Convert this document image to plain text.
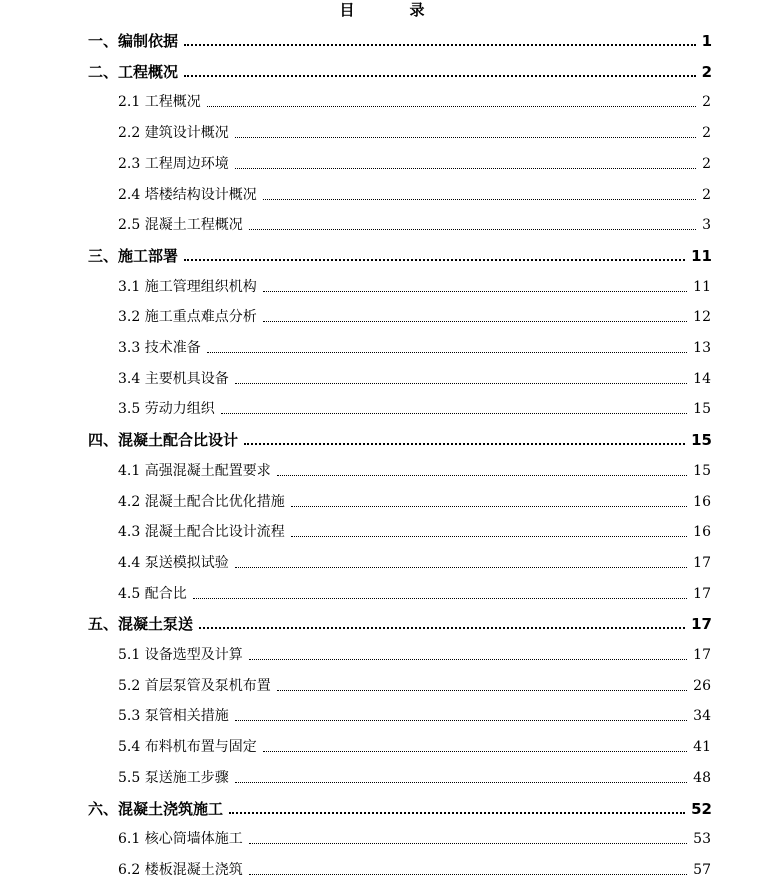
目　录
一、编制依据	1
二、工程概况	2
2.1 工程概况	2
2.2 建筑设计概况	2
2.3 工程周边环境	2
2.4 塔楼结构设计概况	2
2.5 混凝土工程概况	3
三、施工部署	11
3.1 施工管理组织机构	11
3.2 施工重点难点分析	12
3.3 技术准备	13
3.4 主要机具设备	14
3.5 劳动力组织	15
四、混凝土配合比设计	15
4.1 高强混凝土配置要求	15
4.2 混凝土配合比优化措施	16
4.3 混凝土配合比设计流程	16
4.4 泵送模拟试验	17
4.5 配合比	17
五、混凝土泵送	17
5.1 设备选型及计算	17
5.2 首层泵管及泵机布置	26
5.3 泵管相关措施	34
5.4 布料机布置与固定	41
5.5 泵送施工步骤	48
六、混凝土浇筑施工	52
6.1 核心筒墙体施工	53
6.2 楼板混凝土浇筑	57
